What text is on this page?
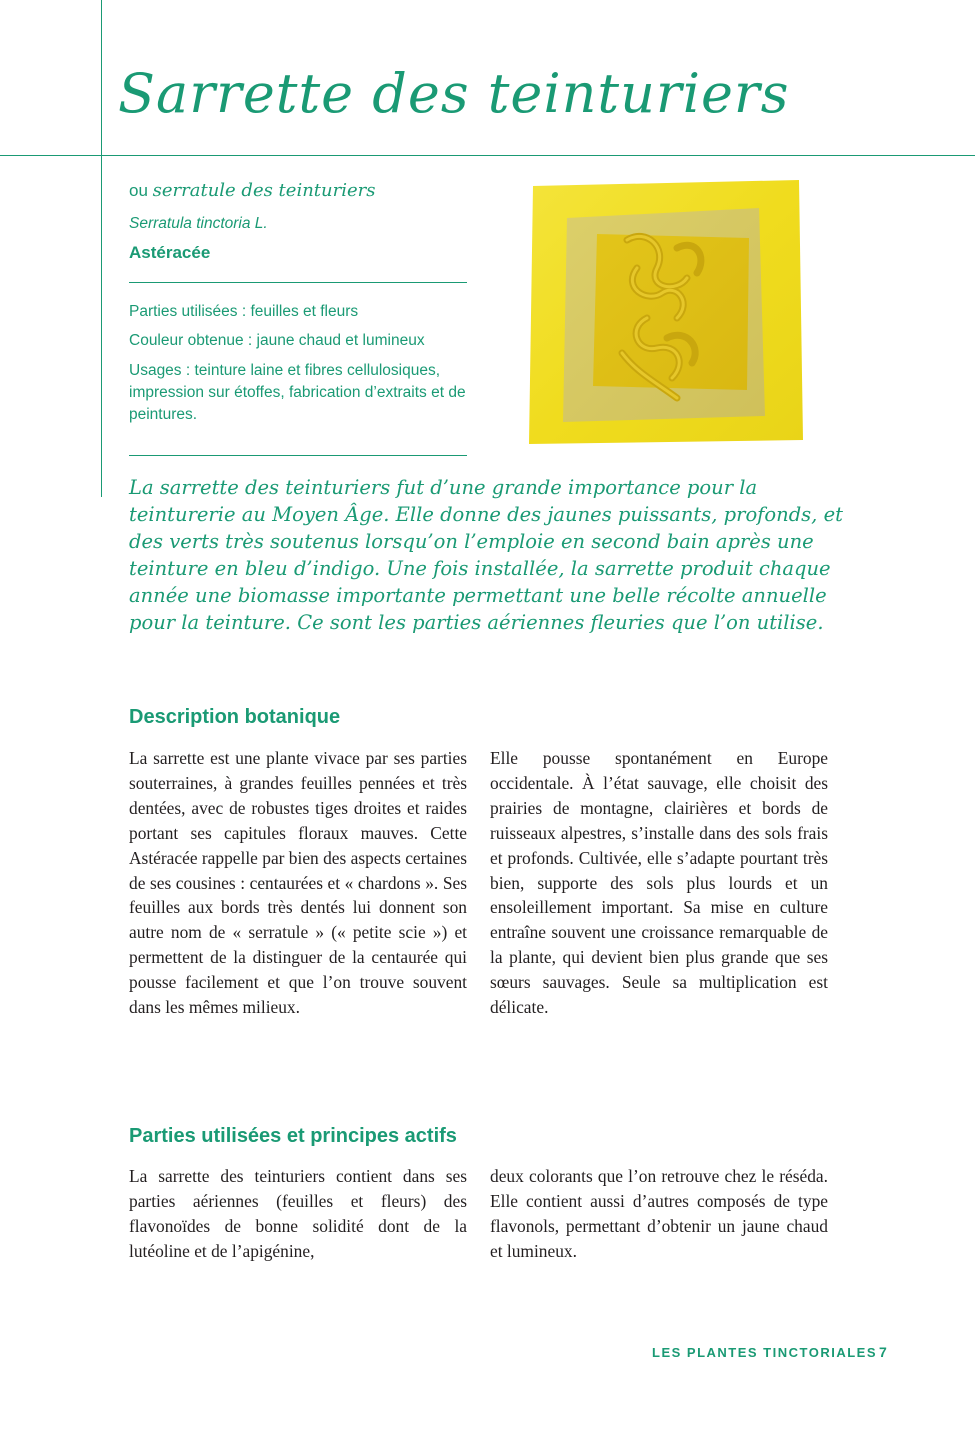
Sarrette des teinturiers

ou serratule des teinturiers

Serratula tinctoria L.

Astéracée

Parties utilisées : feuilles et fleurs

Couleur obtenue : jaune chaud et lumineux

Usages : teinture laine et fibres cellulosiques, impression sur étoffes, fabrication d’extraits et de peintures.

La sarrette des teinturiers fut d’une grande importance pour la teinturerie au Moyen Âge. Elle donne des jaunes puissants, profonds, et des verts très soutenus lorsqu’on l’emploie en second bain après une teinture en bleu d’indigo. Une fois installée, la sarrette produit chaque année une biomasse importante permettant une belle récolte annuelle pour la teinture. Ce sont les parties aériennes fleuries que l’on utilise.

Description botanique

La sarrette est une plante vivace par ses parties souterraines, à grandes feuilles pennées et très dentées, avec de robustes tiges droites et raides portant ses capitules floraux mauves. Cette Astéracée rappelle par bien des aspects certaines de ses cousines : centaurées et « chardons ». Ses feuilles aux bords très dentés lui donnent son autre nom de « serratule » (« petite scie ») et permettent de la distinguer de la centaurée qui pousse facilement et que l’on trouve souvent dans les mêmes milieux.

Elle pousse spontanément en Europe occidentale. À l’état sauvage, elle choisit des prairies de montagne, clairières et bords de ruisseaux alpestres, s’installe dans des sols frais et profonds. Cultivée, elle s’adapte pourtant très bien, supporte des sols plus lourds et un ensoleillement important. Sa mise en culture entraîne souvent une croissance remarquable de la plante, qui devient bien plus grande que ses sœurs sauvages. Seule sa multiplication est délicate.

Parties utilisées et principes actifs

La sarrette des teinturiers contient dans ses parties aériennes (feuilles et fleurs) des flavonoïdes de bonne solidité dont de la lutéoline et de l’apigénine,

deux colorants que l’on retrouve chez le réséda. Elle contient aussi d’autres composés de type flavonols, permettant d’obtenir un jaune chaud et lumineux.

LES PLANTES TINCTORIALES 7
